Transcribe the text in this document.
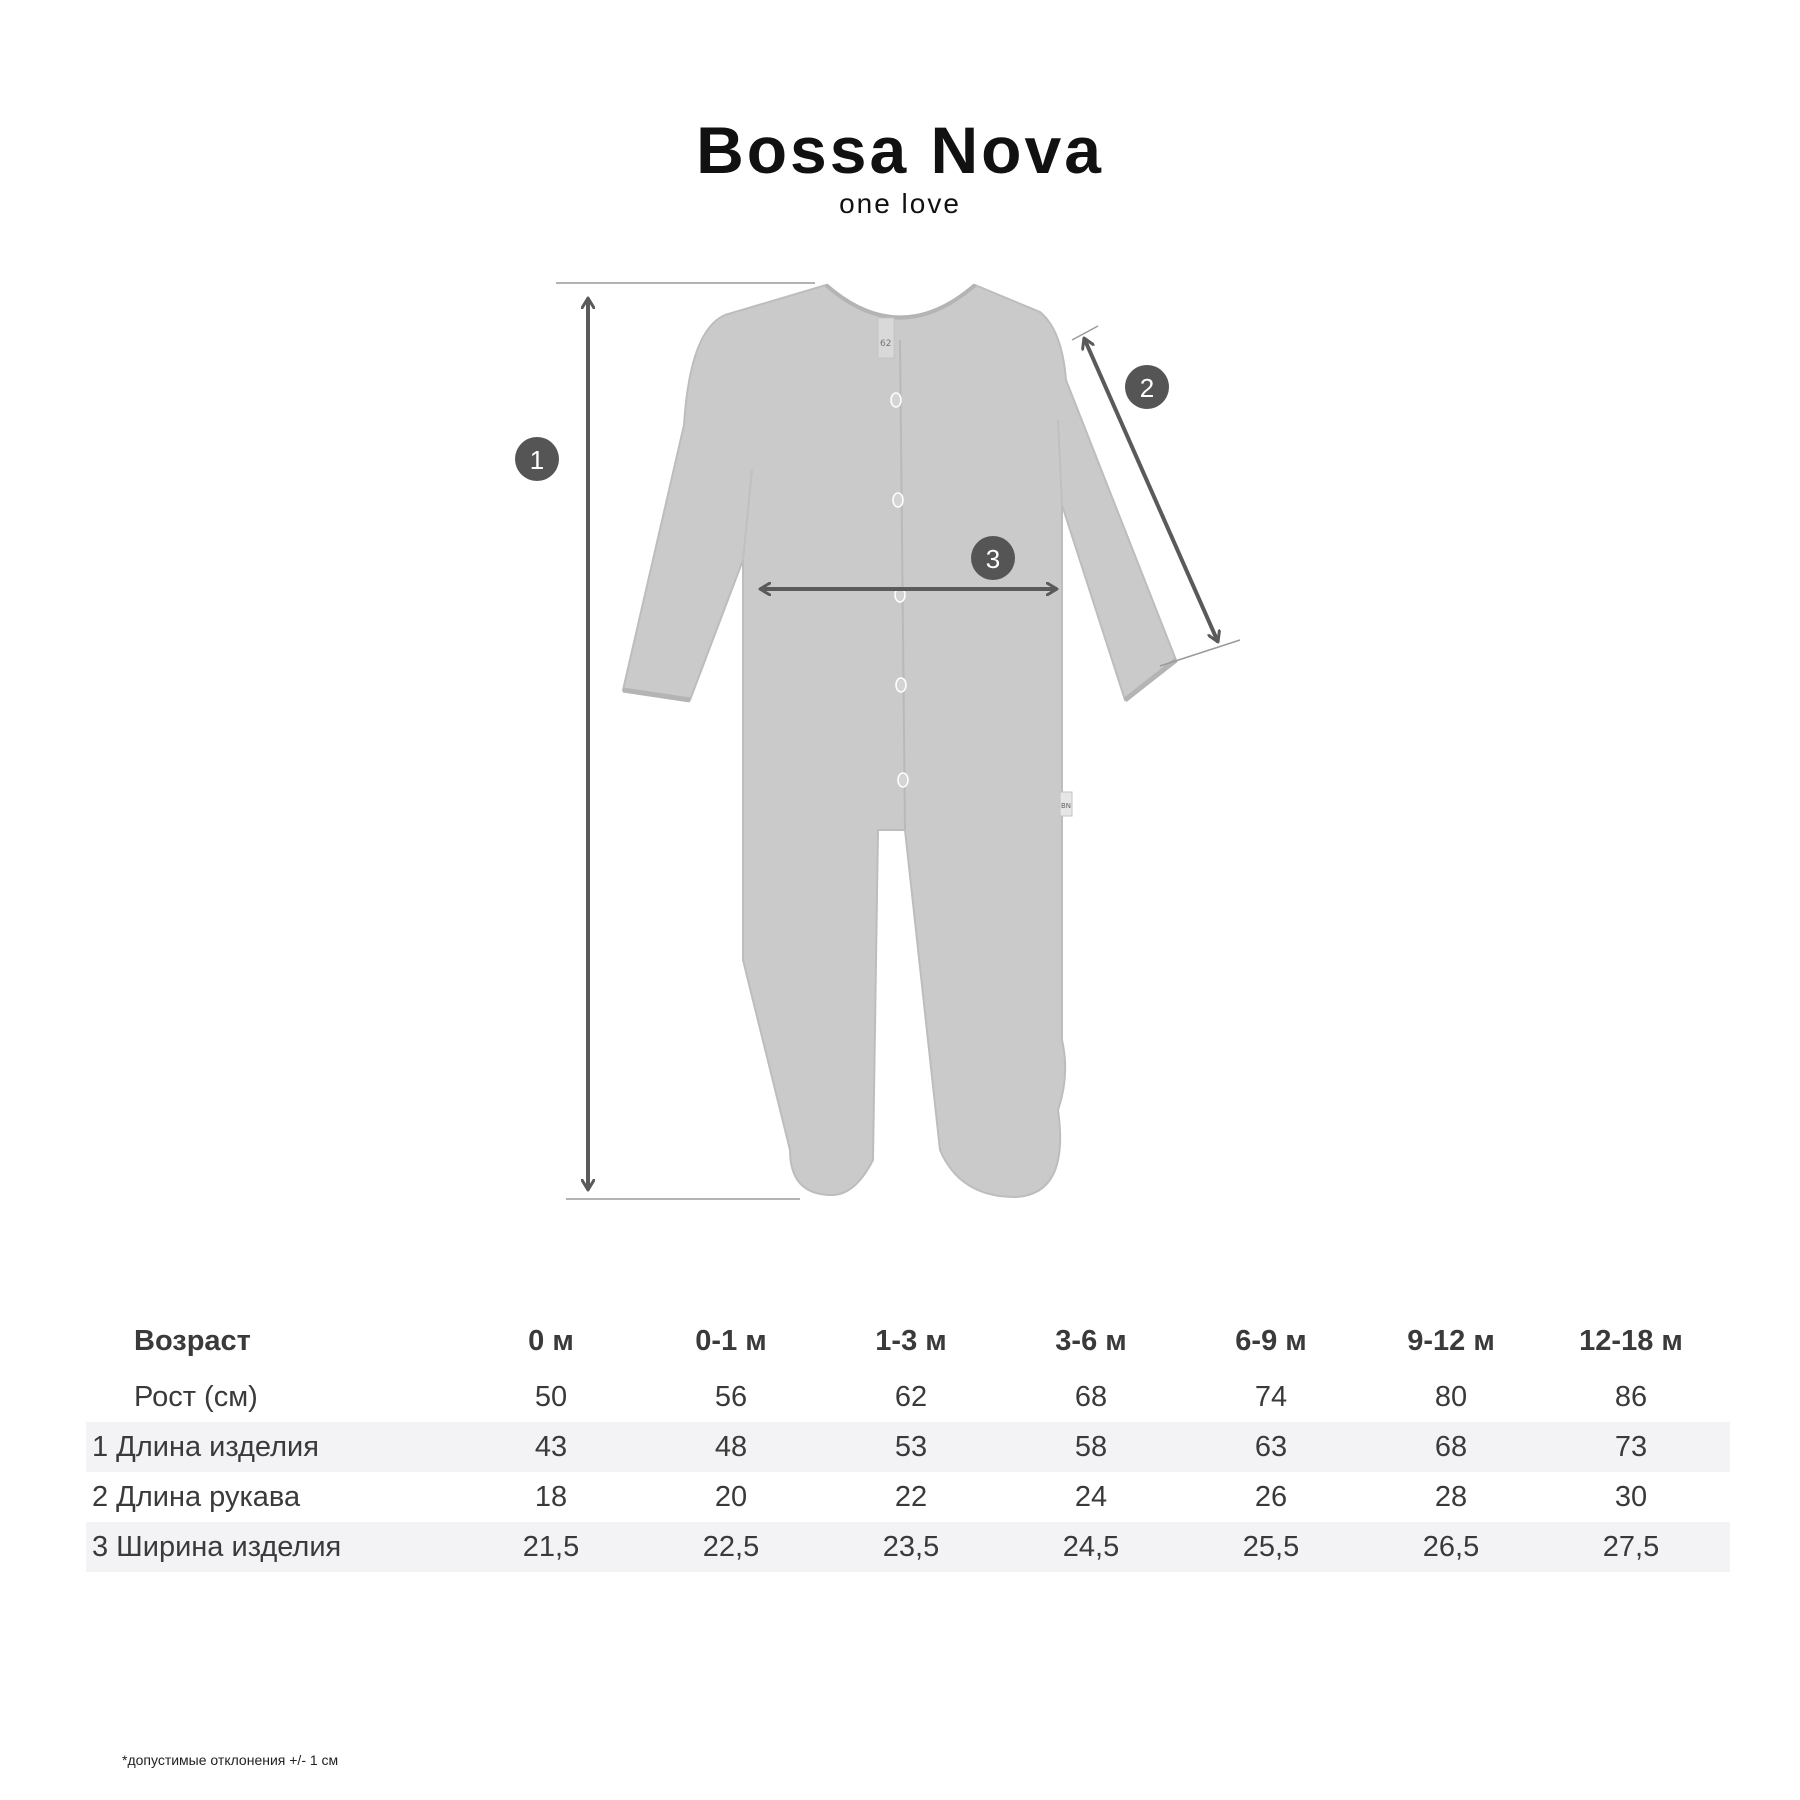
Bossa Nova
one love
62
BN
1
2
3
Возраст	0 м	0-1 м	1-3 м	3-6 м	6-9 м	9-12 м	12-18 м
Рост (см)	50	56	62	68	74	80	86
1 Длина изделия	43	48	53	58	63	68	73
2 Длина рукава	18	20	22	24	26	28	30
3 Ширина изделия	21,5	22,5	23,5	24,5	25,5	26,5	27,5
*допустимые отклонения +/- 1 см
